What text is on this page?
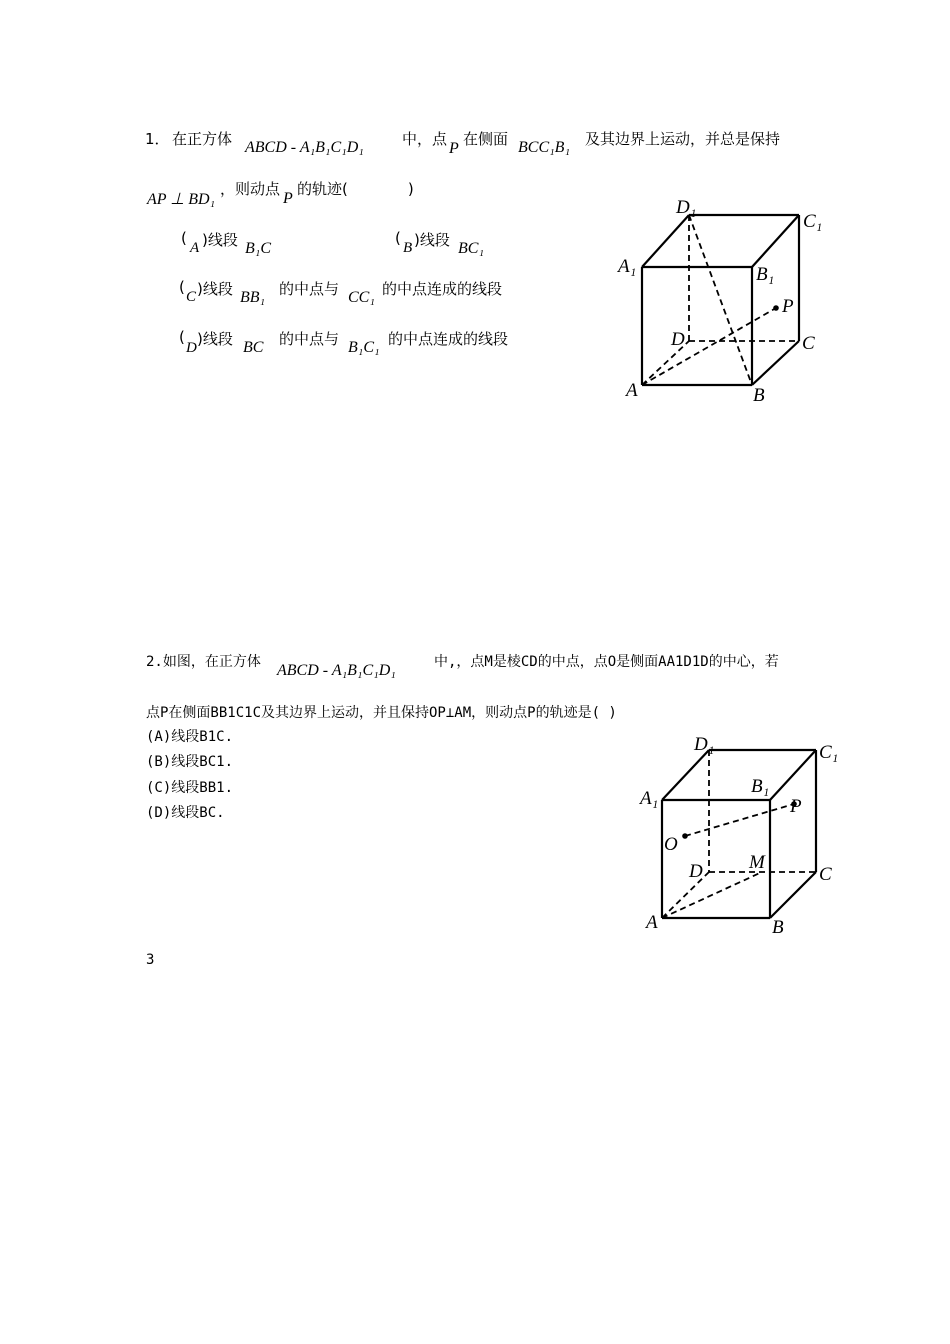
1． 在正方体 ABCD - A₁B₁C₁D₁	中，点
P
在侧面 BCC₁B₁ 及其边界上运动，并总是保持
AP ⊥ BD₁
，则动点
P
的轨迹(　　　　)
(
A )线段 B₁C
(
B )线段 BC₁
(
C )线段 BB₁ 的中点与 CC₁ 的中点连成的线段
(
D )线段 BC 的中点与 B₁C₁ 的中点连成的线段
D₁
C₁
A₁	B₁
P
D	C
A	B
2.如图，在正方体 ABCD - A₁B₁C₁D₁	中,，点M是棱CD的中点，点O是侧面AA1D1D的中心，若
点P在侧面BB1C1C及其边界上运动，并且保持OP⊥AM，则动点P的轨迹是( )
(A)线段B1C.
(B)线段BC1.
(C)线段BB1.
(D)线段BC.
D₁	C₁
A₁
B₁
P
O
D M
C
A	B
3
